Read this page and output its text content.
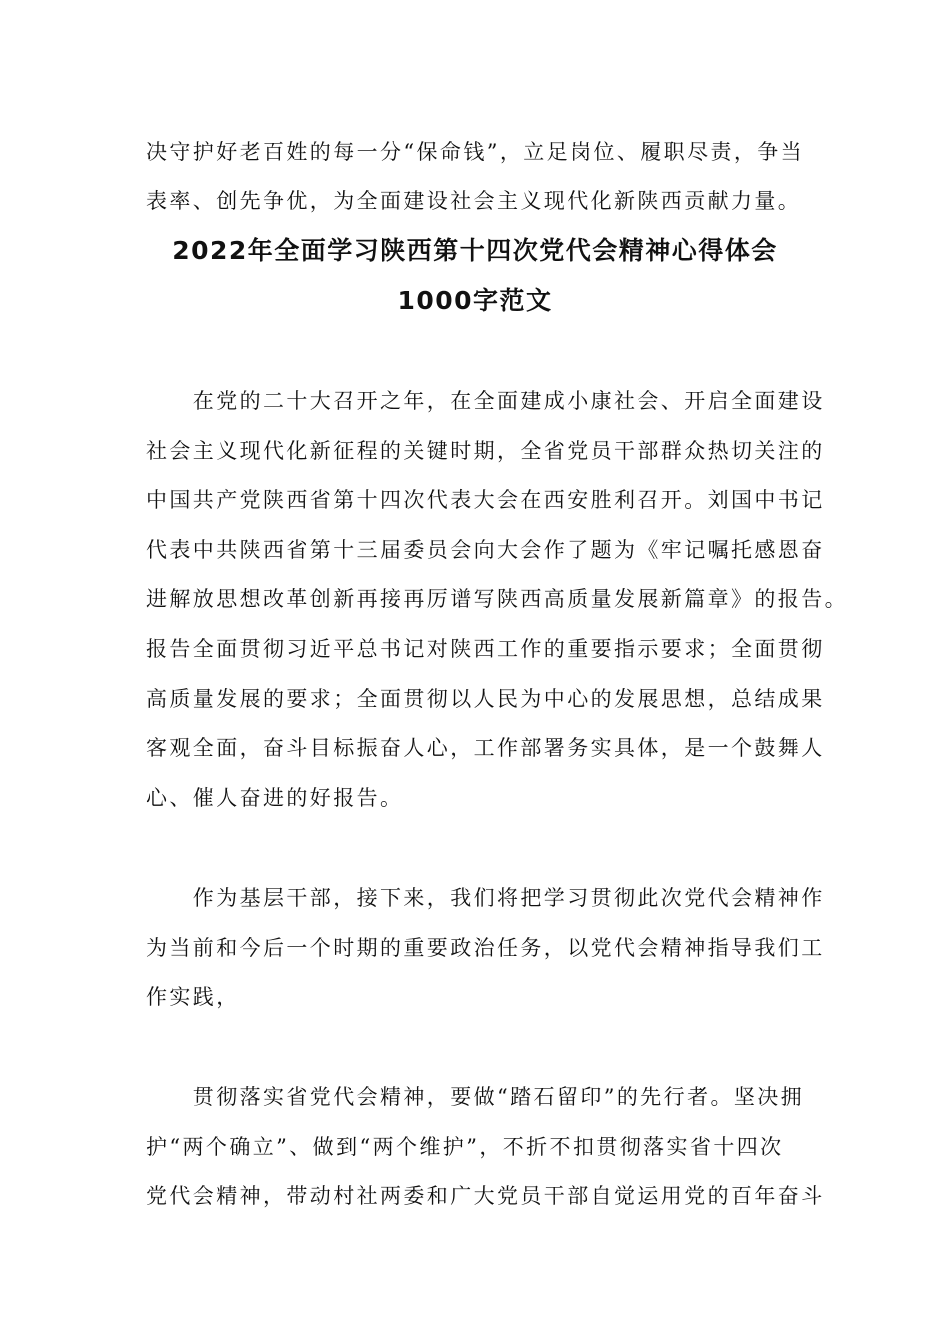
决守护好老百姓的每一分“保命钱”，立足岗位、履职尽责，争当
表率、创先争优，为全面建设社会主义现代化新陕西贡献力量。
2022年全面学习陕西第十四次党代会精神心得体会
1000字范文
　　在党的二十大召开之年，在全面建成小康社会、开启全面建设
社会主义现代化新征程的关键时期，全省党员干部群众热切关注的
中国共产党陕西省第十四次代表大会在西安胜利召开。刘国中书记
代表中共陕西省第十三届委员会向大会作了题为《牢记嘱托感恩奋
进解放思想改革创新再接再厉谱写陕西高质量发展新篇章》的报告。
报告全面贯彻习近平总书记对陕西工作的重要指示要求；全面贯彻
高质量发展的要求；全面贯彻以人民为中心的发展思想，总结成果
客观全面，奋斗目标振奋人心，工作部署务实具体，是一个鼓舞人
心、催人奋进的好报告。
　　作为基层干部，接下来，我们将把学习贯彻此次党代会精神作
为当前和今后一个时期的重要政治任务，以党代会精神指导我们工
作实践，
　　贯彻落实省党代会精神，要做“踏石留印”的先行者。坚决拥
护“两个确立”、做到“两个维护”，不折不扣贯彻落实省十四次
党代会精神，带动村社两委和广大党员干部自觉运用党的百年奋斗
